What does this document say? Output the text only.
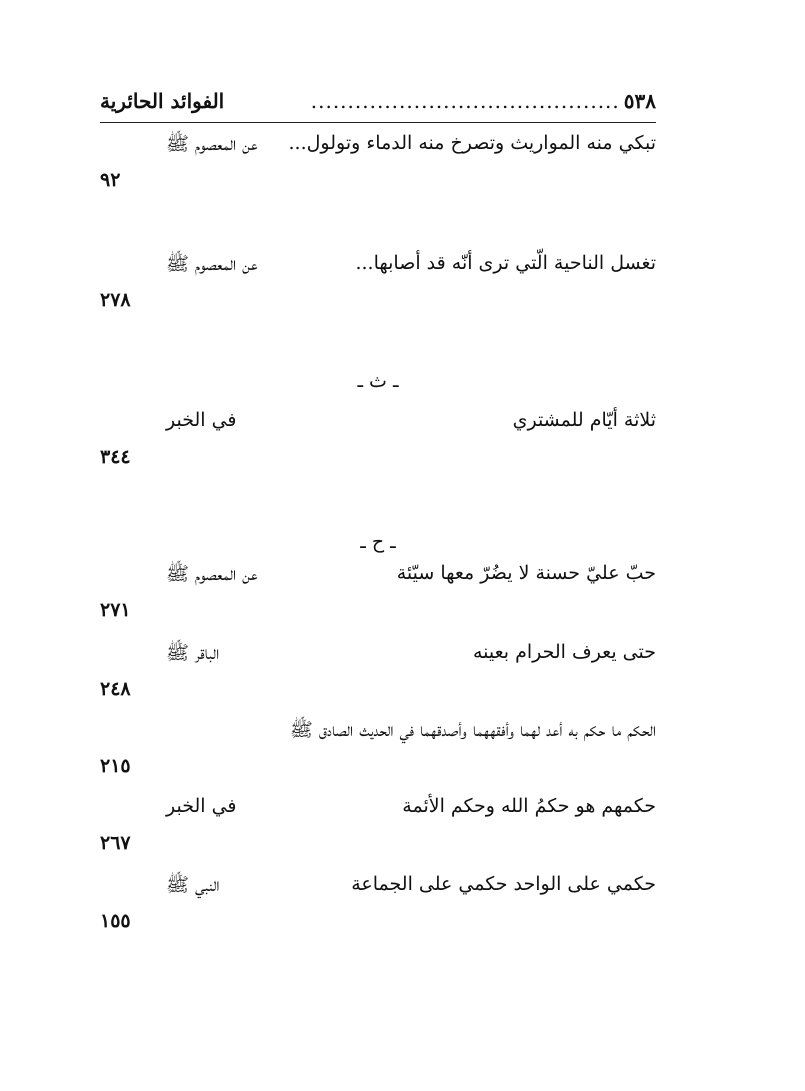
٥٣٨
..........................................
الفوائد الحائرية
تبكي منه المواريث وتصرخ منه الدماء وتولول...
عن المعصوم ﷺ
٩٢
تغسل الناحية الّتي ترى أنّه قد أصابها...
عن المعصوم ﷺ
٢٧٨
ـ ث ـ
ثلاثة أيّام للمشتري
في الخبر
٣٤٤
ـ ح ـ
حبّ عليّ حسنة لا يضُرّ معها سيّئة
عن المعصوم ﷺ
٢٧١
حتى يعرف الحرام بعينه
الباقر ﷺ
٢٤٨
الحكم ما حكم به أعد لهما وأفقههما وأصدقهما في الحديث الصادق ﷺ
٢١٥
حكمهم هو حكمُ الله وحكم الأئمة
في الخبر
٢٦٧
حكمي على الواحد حكمي على الجماعة
النبي ﷺ
١٥٥
